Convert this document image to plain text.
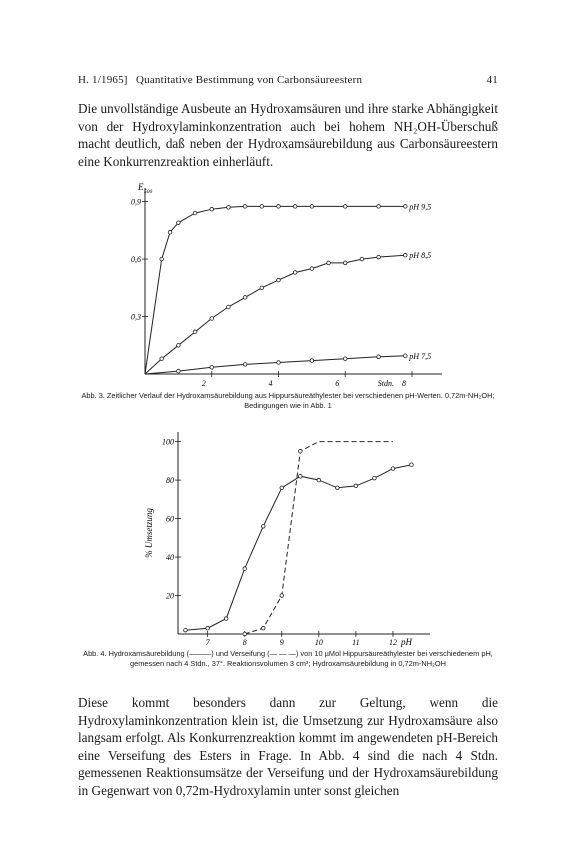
H. 1/1965] Quantitative Bestimmung von Carbonsäureestern	41
Die unvollständige Ausbeute an Hydroxamsäuren und ihre starke Abhängigkeit von der Hydroxylaminkonzentration auch bei hohem NH₂OH-Überschuß macht deutlich, daß neben der Hydroxamsäurebildung aus Carbonsäureestern eine Konkurrenzreaktion einherläuft.
0,3
0,6
0,9
2	4	6	8
Stdn.
E 500
pH 9,5
pH 8,5
pH 7,5
Abb. 3. Zeitlicher Verlauf der Hydroxamsäurebildung aus Hippursäureäthylester bei verschiedenen pH-Werten. 0,72m-NH₂OH; Bedingungen wie in Abb. 1
20
40
60
80
100
7	8	9	10	11	12 pH
% Umsetzung
Abb. 4. Hydroxamsäurebildung (———) und Verseifung (— — —) von 10 µMol Hippursäureäthylester bei verschiedenem pH, gemessen nach 4 Stdn., 37°. Reaktionsvolumen 3 cm³; Hydroxamsäurebildung in 0,72m-NH₂OH
Diese kommt besonders dann zur Geltung, wenn die Hydroxylaminkonzentration klein ist, die Umsetzung zur Hydroxamsäure also langsam erfolgt. Als Konkurrenzreaktion kommt im angewendeten pH-Bereich eine Verseifung des Esters in Frage. In Abb. 4 sind die nach 4 Stdn. gemessenen Reaktionsumsätze der Verseifung und der Hydroxamsäurebildung in Gegenwart von 0,72m-Hydroxylamin unter sonst gleichen
